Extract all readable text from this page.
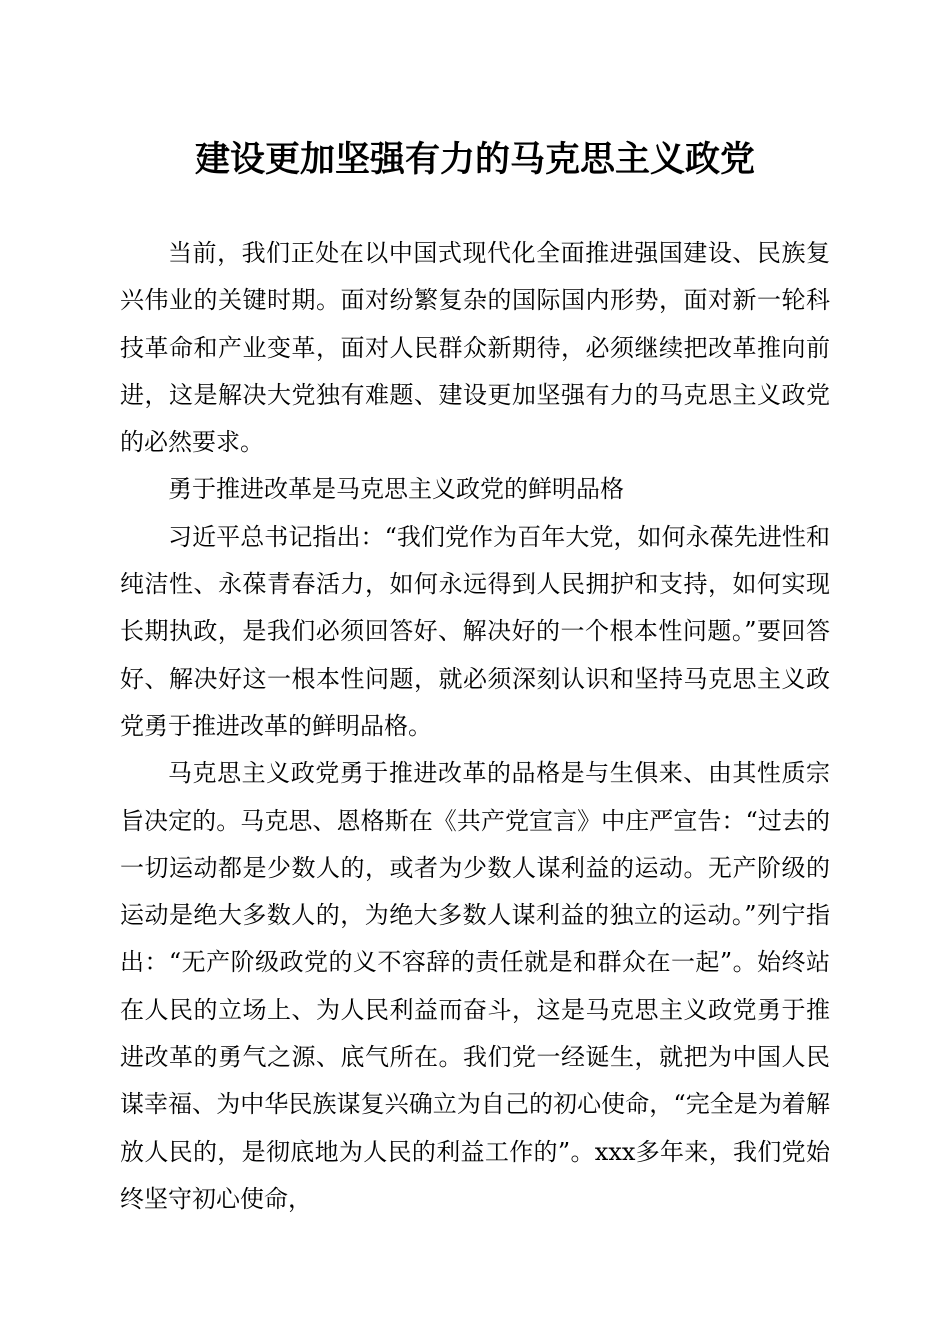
建设更加坚强有力的马克思主义政党

当前，我们正处在以中国式现代化全面推进强国建设、民族复兴伟业的关键时期。面对纷繁复杂的国际国内形势，面对新一轮科技革命和产业变革，面对人民群众新期待，必须继续把改革推向前进，这是解决大党独有难题、建设更加坚强有力的马克思主义政党的必然要求。

勇于推进改革是马克思主义政党的鲜明品格

习近平总书记指出：“我们党作为百年大党，如何永葆先进性和纯洁性、永葆青春活力，如何永远得到人民拥护和支持，如何实现长期执政，是我们必须回答好、解决好的一个根本性问题。”要回答好、解决好这一根本性问题，就必须深刻认识和坚持马克思主义政党勇于推进改革的鲜明品格。

马克思主义政党勇于推进改革的品格是与生俱来、由其性质宗旨决定的。马克思、恩格斯在《共产党宣言》中庄严宣告：“过去的一切运动都是少数人的，或者为少数人谋利益的运动。无产阶级的运动是绝大多数人的，为绝大多数人谋利益的独立的运动。”列宁指出：“无产阶级政党的义不容辞的责任就是和群众在一起”。始终站在人民的立场上、为人民利益而奋斗，这是马克思主义政党勇于推进改革的勇气之源、底气所在。我们党一经诞生，就把为中国人民谋幸福、为中华民族谋复兴确立为自己的初心使命，“完全是为着解放人民的，是彻底地为人民的利益工作的”。xxx多年来，我们党始终坚守初心使命，
